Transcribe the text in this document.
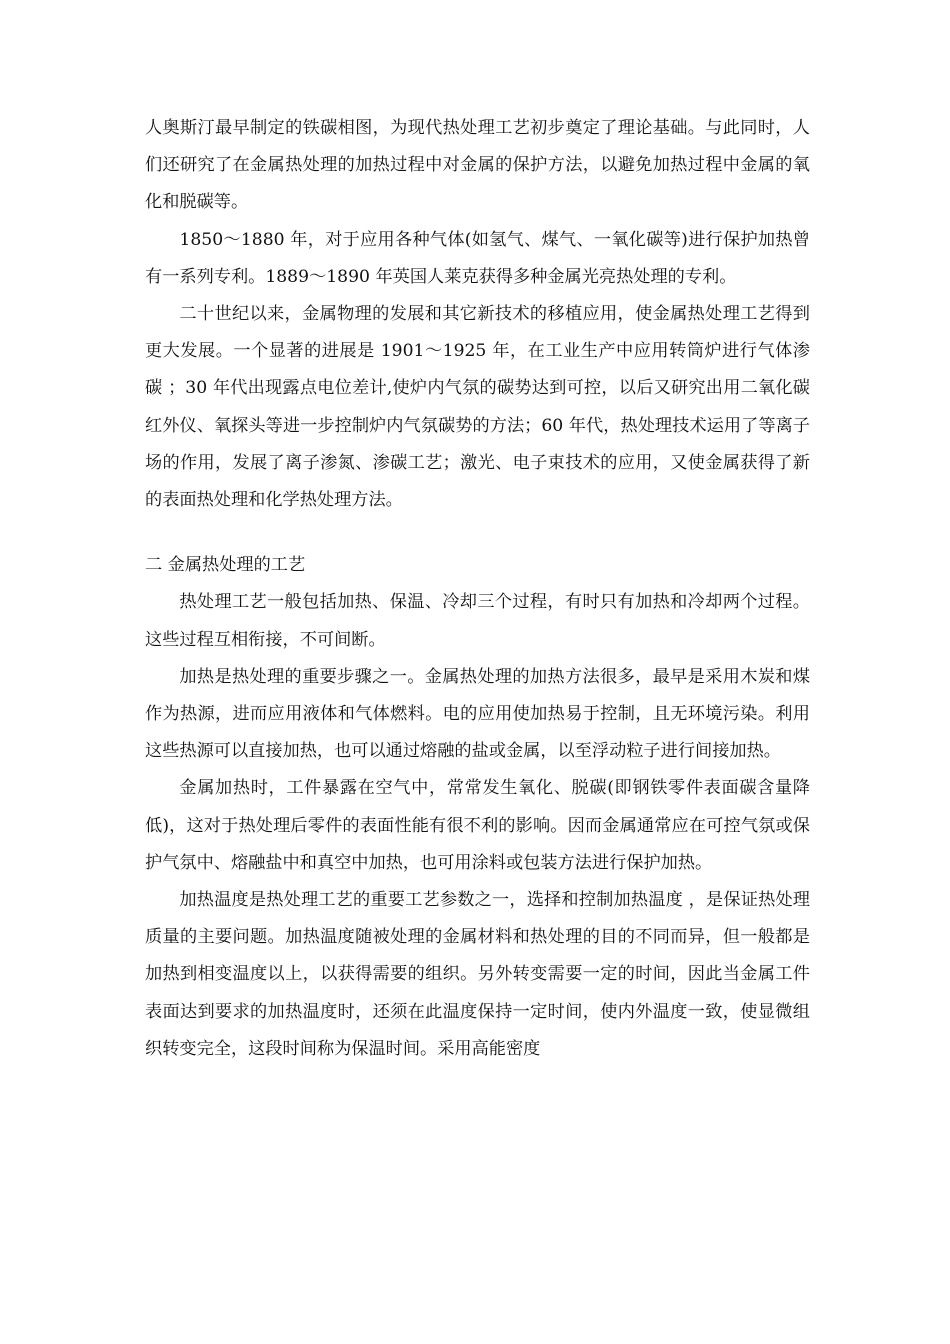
人奥斯汀最早制定的铁碳相图，为现代热处理工艺初步奠定了理论基础。与此同时，人们还研究了在金属热处理的加热过程中对金属的保护方法，以避免加热过程中金属的氧化和脱碳等。

1850～1880 年，对于应用各种气体(如氢气、煤气、一氧化碳等)进行保护加热曾有一系列专利。1889～1890 年英国人莱克获得多种金属光亮热处理的专利。

二十世纪以来，金属物理的发展和其它新技术的移植应用，使金属热处理工艺得到更大发展。一个显著的进展是 1901～1925 年，在工业生产中应用转筒炉进行气体渗碳 ；30 年代出现露点电位差计,使炉内气氛的碳势达到可控，以后又研究出用二氧化碳红外仪、氧探头等进一步控制炉内气氛碳势的方法；60 年代，热处理技术运用了等离子场的作用，发展了离子渗氮、渗碳工艺；激光、电子束技术的应用，又使金属获得了新的表面热处理和化学热处理方法。

二 金属热处理的工艺

热处理工艺一般包括加热、保温、冷却三个过程，有时只有加热和冷却两个过程。这些过程互相衔接，不可间断。

加热是热处理的重要步骤之一。金属热处理的加热方法很多，最早是采用木炭和煤作为热源，进而应用液体和气体燃料。电的应用使加热易于控制，且无环境污染。利用这些热源可以直接加热，也可以通过熔融的盐或金属，以至浮动粒子进行间接加热。

金属加热时，工件暴露在空气中，常常发生氧化、脱碳(即钢铁零件表面碳含量降低)，这对于热处理后零件的表面性能有很不利的影响。因而金属通常应在可控气氛或保护气氛中、熔融盐中和真空中加热，也可用涂料或包装方法进行保护加热。

加热温度是热处理工艺的重要工艺参数之一，选择和控制加热温度 ，是保证热处理质量的主要问题。加热温度随被处理的金属材料和热处理的目的不同而异，但一般都是加热到相变温度以上，以获得需要的组织。另外转变需要一定的时间，因此当金属工件表面达到要求的加热温度时，还须在此温度保持一定时间，使内外温度一致，使显微组织转变完全，这段时间称为保温时间。采用高能密度
